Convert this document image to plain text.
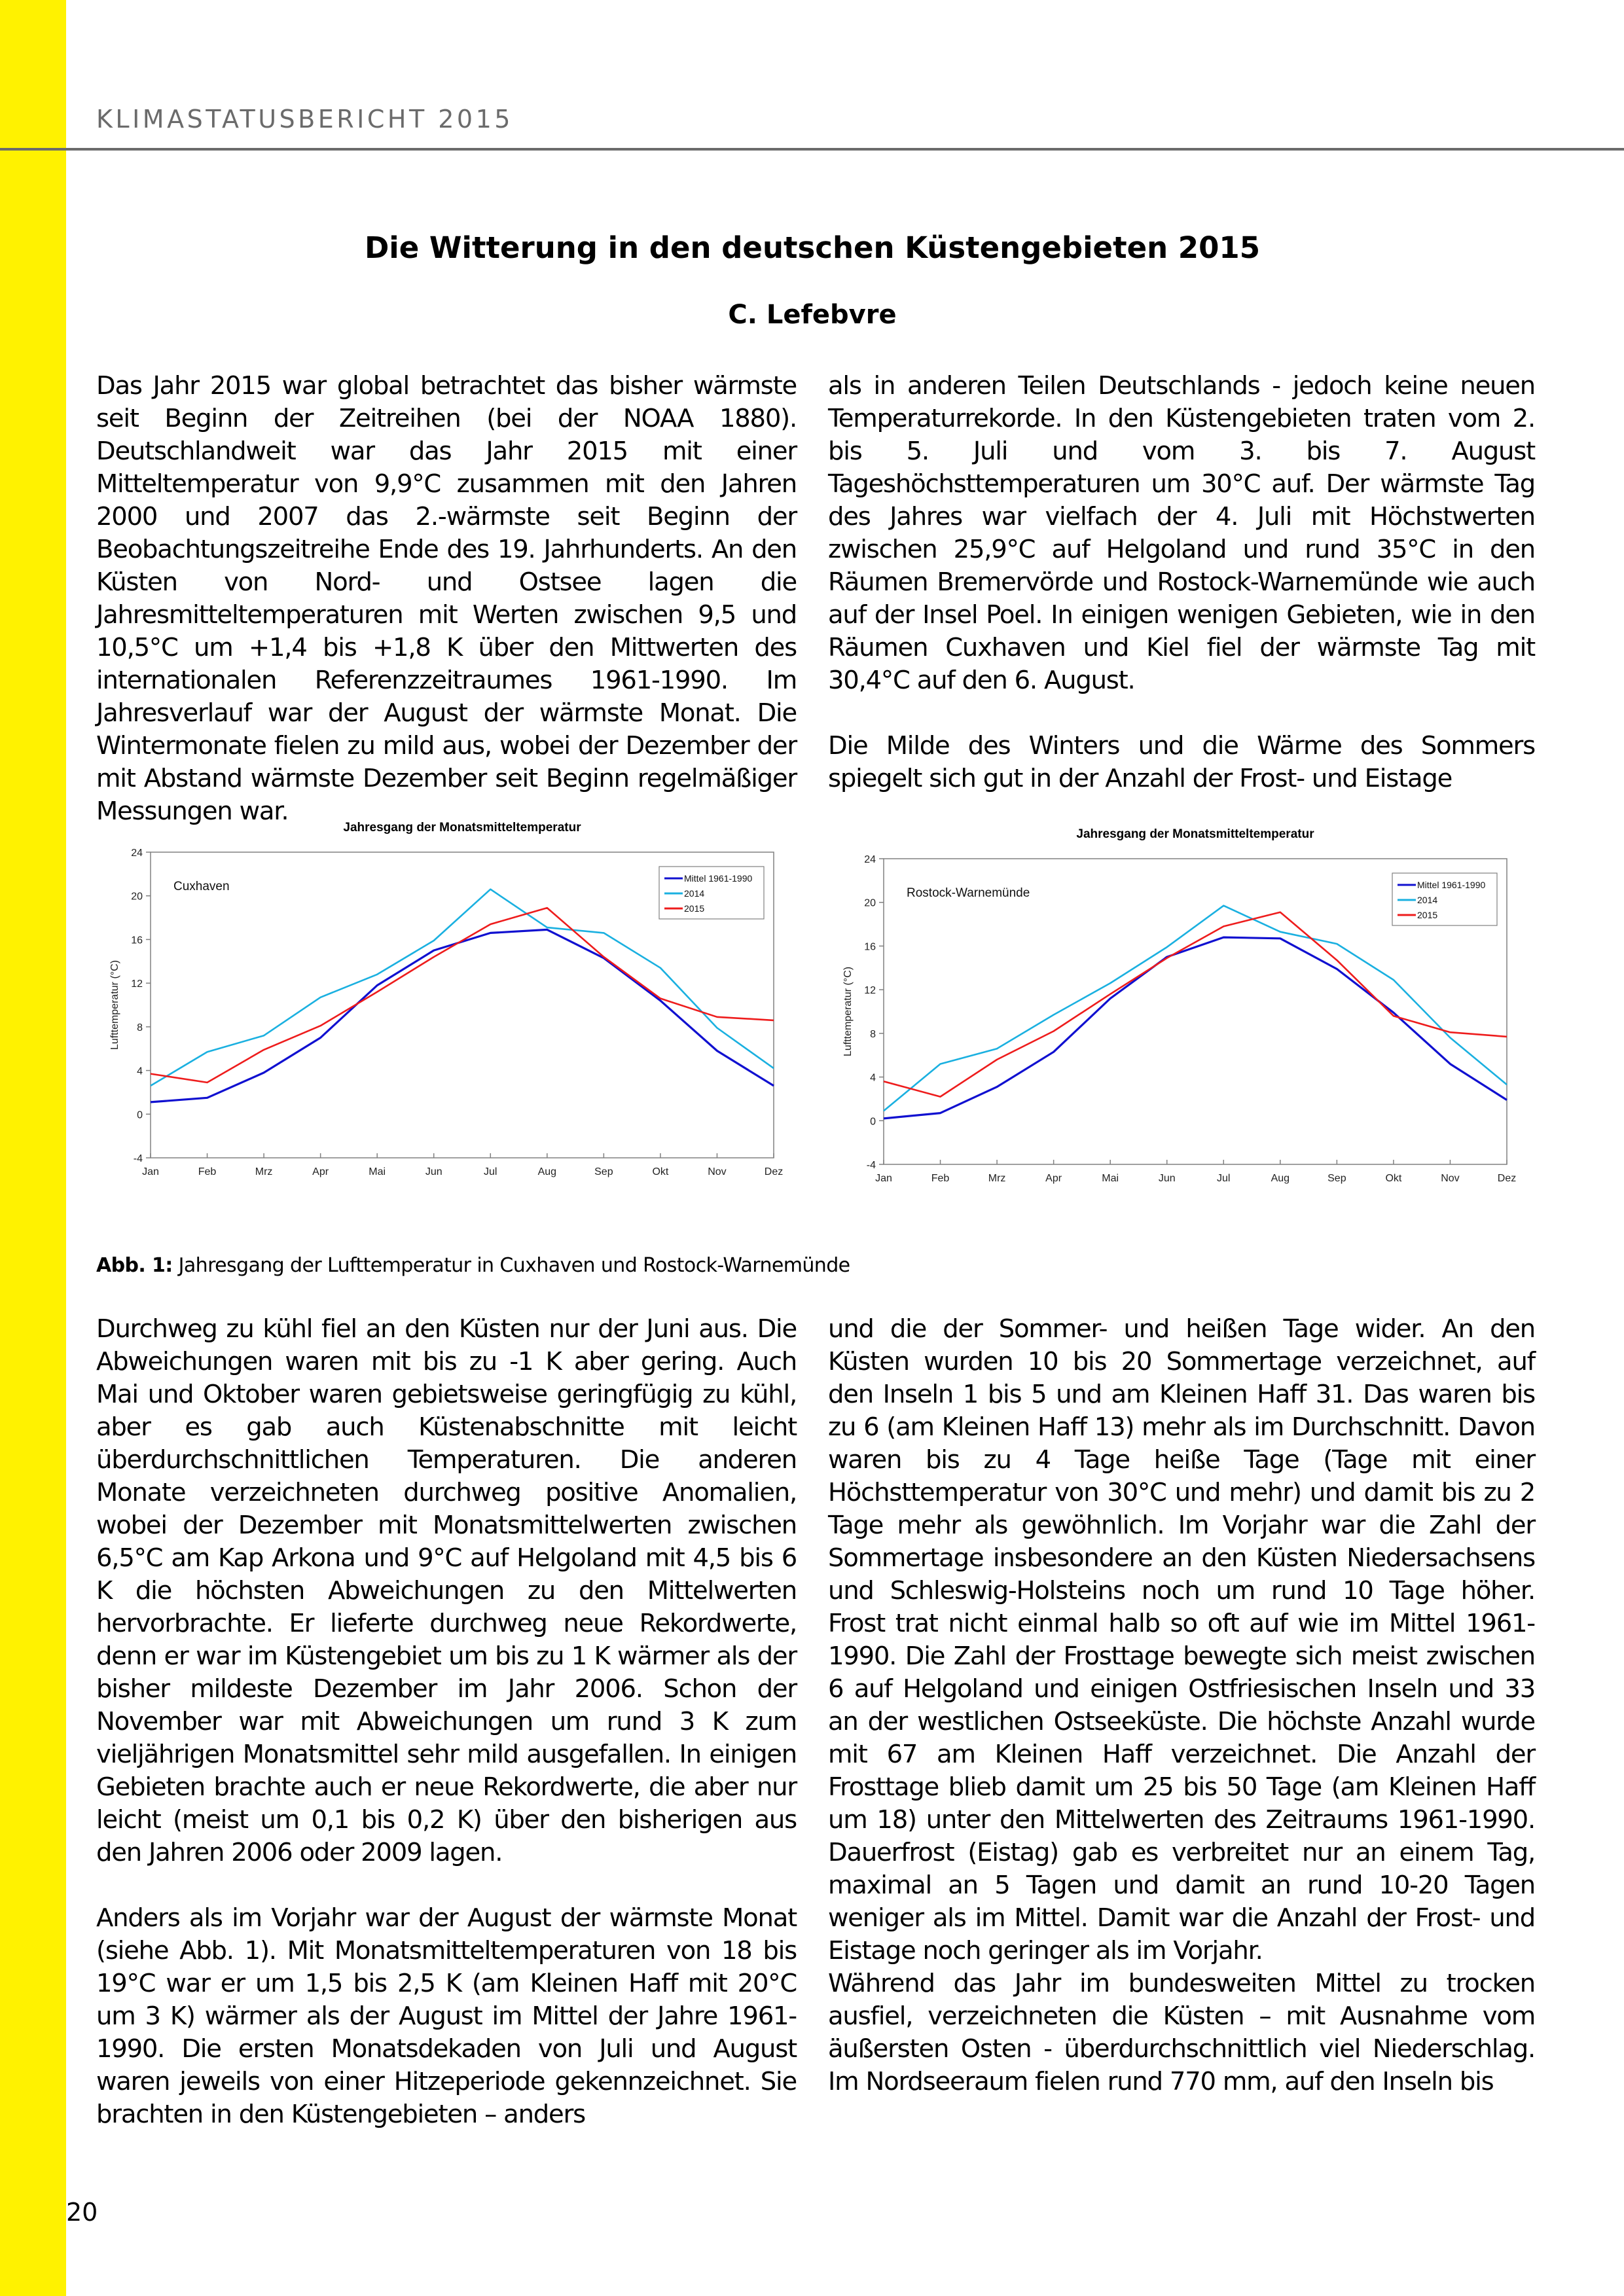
KLIMASTATUSBERICHT 2015
Die Witterung in den deutschen Küstengebieten 2015
C. Lefebvre

Das Jahr 2015 war global betrachtet das bisher wärmste seit Beginn der Zeitreihen (bei der NOAA 1880). Deutschlandweit war das Jahr 2015 mit einer Mitteltemperatur von 9,9°C zusammen mit den Jahren 2000 und 2007 das 2.-wärmste seit Beginn der Beobachtungszeitreihe Ende des 19. Jahrhunderts. An den Küsten von Nord- und Ostsee lagen die Jahresmitteltemperaturen mit Werten zwischen 9,5 und 10,5°C um +1,4 bis +1,8 K über den Mittwerten des internationalen Referenzzeitraumes 1961-1990. Im Jahresverlauf war der August der wärmste Monat. Die Wintermonate fielen zu mild aus, wobei der Dezember der mit Abstand wärmste Dezember seit Beginn regelmäßiger Messungen war.

als in anderen Teilen Deutschlands - jedoch keine neuen Temperaturrekorde. In den Küstengebieten traten vom 2. bis 5. Juli und vom 3. bis 7. August Tageshöchsttemperaturen um 30°C auf. Der wärmste Tag des Jahres war vielfach der 4. Juli mit Höchstwerten zwischen 25,9°C auf Helgoland und rund 35°C in den Räumen Bremervörde und Rostock-Warnemünde wie auch auf der Insel Poel. In einigen wenigen Gebieten, wie in den Räumen Cuxhaven und Kiel fiel der wärmste Tag mit 30,4°C auf den 6. August.

Die Milde des Winters und die Wärme des Sommers spiegelt sich gut in der Anzahl der Frost- und Eistage

Jahresgang der Monatsmitteltemperatur
-4
0
4
8
12
16
20
24
Jan	Feb	Mrz	Apr	Mai	Jun	Jul	Aug	Sep	Okt	Nov	Dez
Lufttemperatur (°C)
Cuxhaven
Mittel 1961-1990
2014
2015
Jahresgang der Monatsmitteltemperatur
-4
0
4
8
12
16
20
24
Jan	Feb	Mrz	Apr	Mai	Jun	Jul	Aug	Sep	Okt	Nov	Dez
Lufttemperatur (°C)
Rostock-Warnemünde
Mittel 1961-1990
2014
2015
Abb. 1: Jahresgang der Lufttemperatur in Cuxhaven und Rostock-Warnemünde

Durchweg zu kühl fiel an den Küsten nur der Juni aus. Die Abweichungen waren mit bis zu -1 K aber gering. Auch Mai und Oktober waren gebietsweise geringfügig zu kühl, aber es gab auch Küstenabschnitte mit leicht überdurchschnittlichen Temperaturen. Die anderen Monate verzeichneten durchweg positive Anomalien, wobei der Dezember mit Monatsmittelwerten zwischen 6,5°C am Kap Arkona und 9°C auf Helgoland mit 4,5 bis 6 K die höchsten Abweichungen zu den Mittelwerten hervorbrachte. Er lieferte durchweg neue Rekordwerte, denn er war im Küstengebiet um bis zu 1 K wärmer als der bisher mildeste Dezember im Jahr 2006. Schon der November war mit Abweichungen um rund 3 K zum vieljährigen Monatsmittel sehr mild ausgefallen. In einigen Gebieten brachte auch er neue Rekordwerte, die aber nur leicht (meist um 0,1 bis 0,2 K) über den bisherigen aus den Jahren 2006 oder 2009 lagen.

Anders als im Vorjahr war der August der wärmste Monat (siehe Abb. 1). Mit Monatsmitteltemperaturen von 18 bis 19°C war er um 1,5 bis 2,5 K (am Kleinen Haff mit 20°C um 3 K) wärmer als der August im Mittel der Jahre 1961-1990. Die ersten Monatsdekaden von Juli und August waren jeweils von einer Hitzeperiode gekennzeichnet. Sie brachten in den Küstengebieten – anders

und die der Sommer- und heißen Tage wider. An den Küsten wurden 10 bis 20 Sommertage verzeichnet, auf den Inseln 1 bis 5 und am Kleinen Haff 31. Das waren bis zu 6 (am Kleinen Haff 13) mehr als im Durchschnitt. Davon waren bis zu 4 Tage heiße Tage (Tage mit einer Höchsttemperatur von 30°C und mehr) und damit bis zu 2 Tage mehr als gewöhnlich. Im Vorjahr war die Zahl der Sommertage insbesondere an den Küsten Niedersachsens und Schleswig-Holsteins noch um rund 10 Tage höher. Frost trat nicht einmal halb so oft auf wie im Mittel 1961-1990. Die Zahl der Frosttage bewegte sich meist zwischen 6 auf Helgoland und einigen Ostfriesischen Inseln und 33 an der westlichen Ostseeküste. Die höchste Anzahl wurde mit 67 am Kleinen Haff verzeichnet. Die Anzahl der Frosttage blieb damit um 25 bis 50 Tage (am Kleinen Haff um 18) unter den Mittelwerten des Zeitraums 1961-1990. Dauerfrost (Eistag) gab es verbreitet nur an einem Tag, maximal an 5 Tagen und damit an rund 10-20 Tagen weniger als im Mittel. Damit war die Anzahl der Frost- und Eistage noch geringer als im Vorjahr.

Während das Jahr im bundesweiten Mittel zu trocken ausfiel, verzeichneten die Küsten – mit Ausnahme vom äußersten Osten - überdurchschnittlich viel Niederschlag. Im Nordseeraum fielen rund 770 mm, auf den Inseln bis

20
